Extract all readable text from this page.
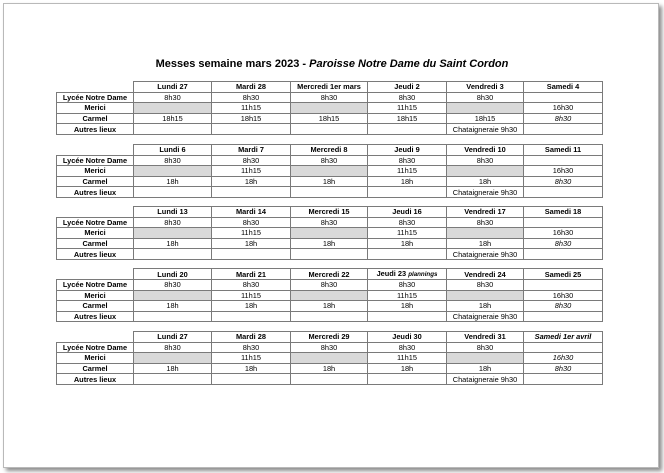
Messes semaine mars 2023 - Paroisse Notre Dame du Saint Cordon
	Lundi 27	Mardi 28	Mercredi 1er mars	Jeudi 2	Vendredi 3	Samedi 4
Lycée Notre Dame	8h30	8h30	8h30	8h30	8h30	
Merici		11h15		11h15		16h30
Carmel	18h15	18h15	18h15	18h15	18h15	8h30
Autres lieux					Chataigneraie 9h30	
	Lundi 6	Mardi 7	Mercredi 8	Jeudi 9	Vendredi 10	Samedi 11
Lycée Notre Dame	8h30	8h30	8h30	8h30	8h30	
Merici		11h15		11h15		16h30
Carmel	18h	18h	18h	18h	18h	8h30
Autres lieux					Chataigneraie 9h30	
	Lundi 13	Mardi 14	Mercredi 15	Jeudi 16	Vendredi 17	Samedi 18
Lycée Notre Dame	8h30	8h30	8h30	8h30	8h30	
Merici		11h15		11h15		16h30
Carmel	18h	18h	18h	18h	18h	8h30
Autres lieux					Chataigneraie 9h30	
	Lundi 20	Mardi 21	Mercredi 22	Jeudi 23 plannings	Vendredi 24	Samedi 25
Lycée Notre Dame	8h30	8h30	8h30	8h30	8h30	
Merici		11h15		11h15		16h30
Carmel	18h	18h	18h	18h	18h	8h30
Autres lieux					Chataigneraie 9h30	
	Lundi 27	Mardi 28	Mercredi 29	Jeudi 30	Vendredi 31	Samedi 1er avril
Lycée Notre Dame	8h30	8h30	8h30	8h30	8h30	
Merici		11h15		11h15		16h30
Carmel	18h	18h	18h	18h	18h	8h30
Autres lieux					Chataigneraie 9h30	
